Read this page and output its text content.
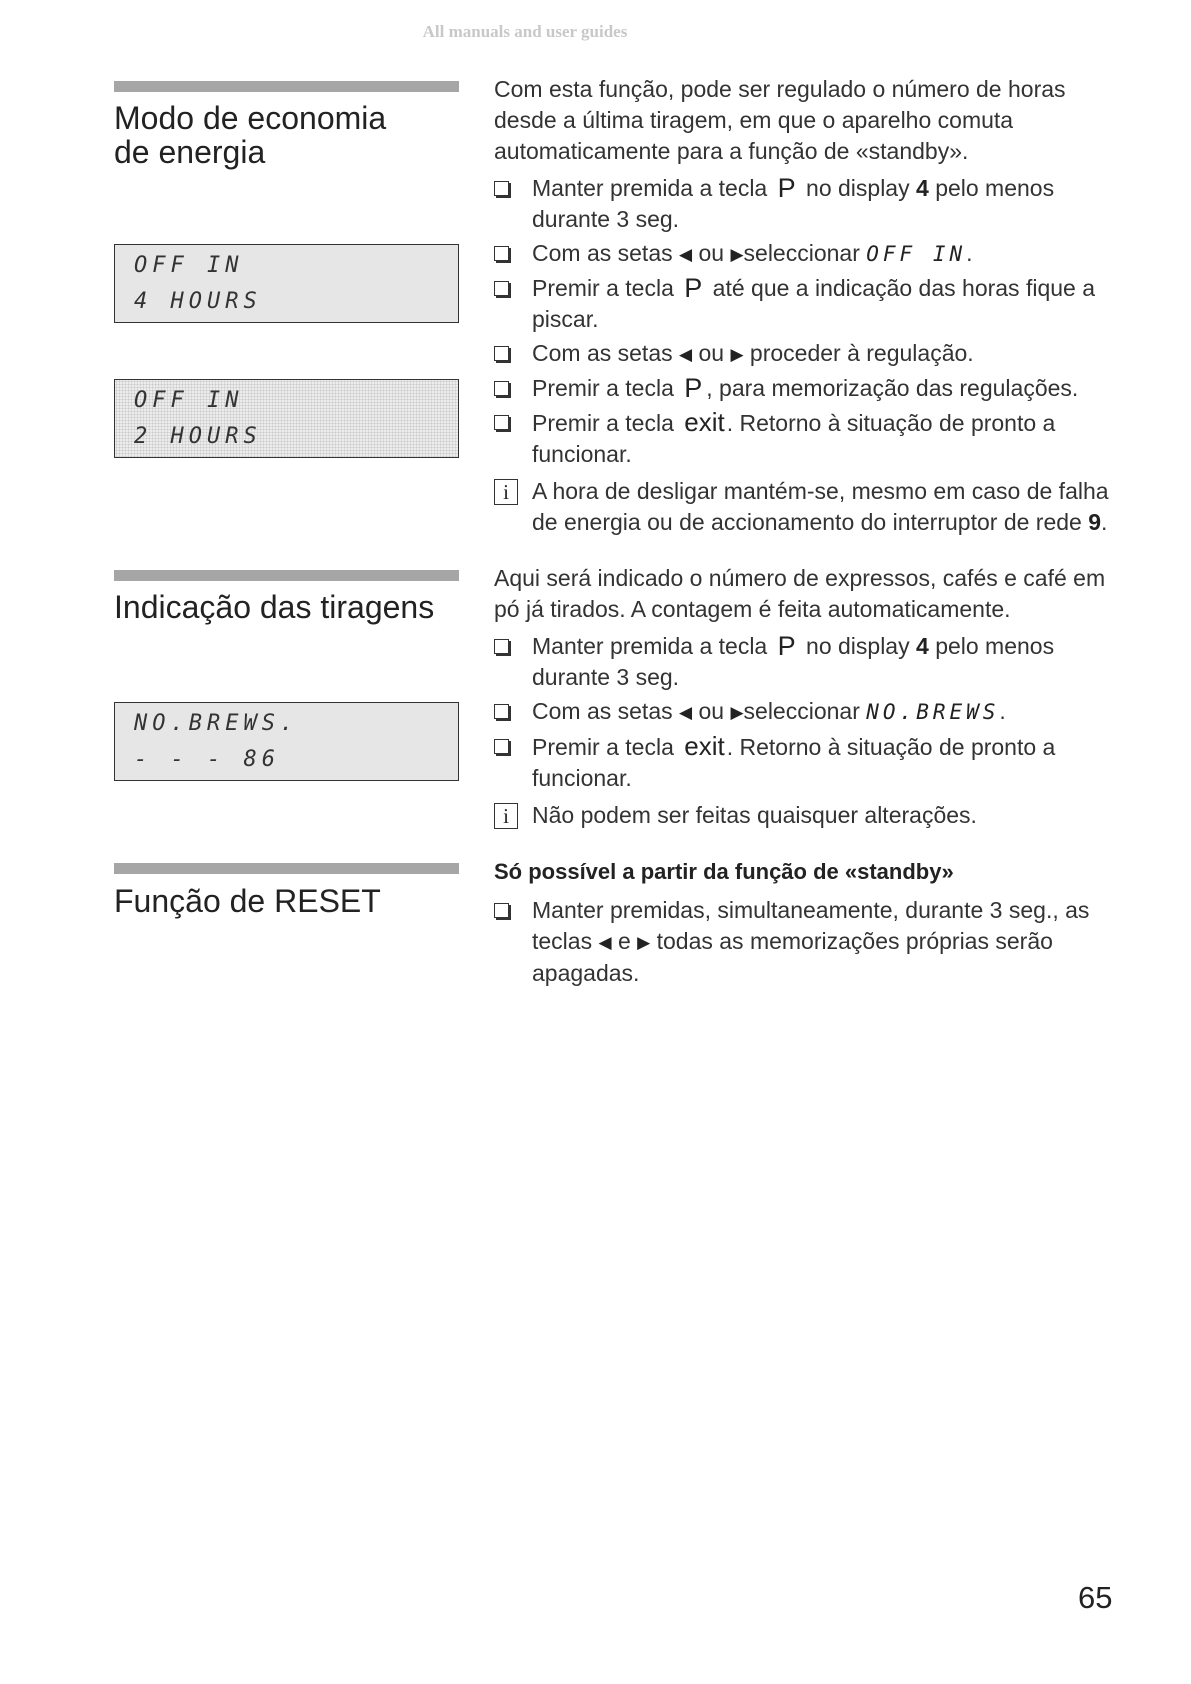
All manuals and user guides
Modo de economia
de energia
OFF IN
4 HOURS
OFF IN
2 HOURS

Com esta função, pode ser regulado o número de horas desde a última tiragem, em que o aparelho comuta automaticamente para a função de «standby».

Manter premida a tecla P no display 4 pelo menos durante 3 seg.
Com as setas ◀ ou ▶seleccionar OFF IN.
Premir a tecla P até que a indicação das horas fique a piscar.
Com as setas ◀ ou ▶ proceder à regulação.
Premir a tecla P , para memorização das regulações.
Premir a tecla exit. Retorno à situação de pronto a funcionar.
i	A hora de desligar mantém-se, mesmo em caso de falha de energia ou de accionamento do interruptor de rede 9.
Indicação das tiragens
NO.BREWS.
- - - 86

Aqui será indicado o número de expressos, cafés e café em pó já tirados. A contagem é feita automaticamente.

Manter premida a tecla P no display 4 pelo menos durante 3 seg.
Com as setas ◀ ou ▶seleccionar NO.BREWS.
Premir a tecla exit. Retorno à situação de pronto a funcionar.
i	Não podem ser feitas quaisquer alterações.
Função de RESET

Só possível a partir da função de «standby»

Manter premidas, simultaneamente, durante 3 seg., as teclas ◀ e ▶ todas as memorizações próprias serão apagadas.
65
